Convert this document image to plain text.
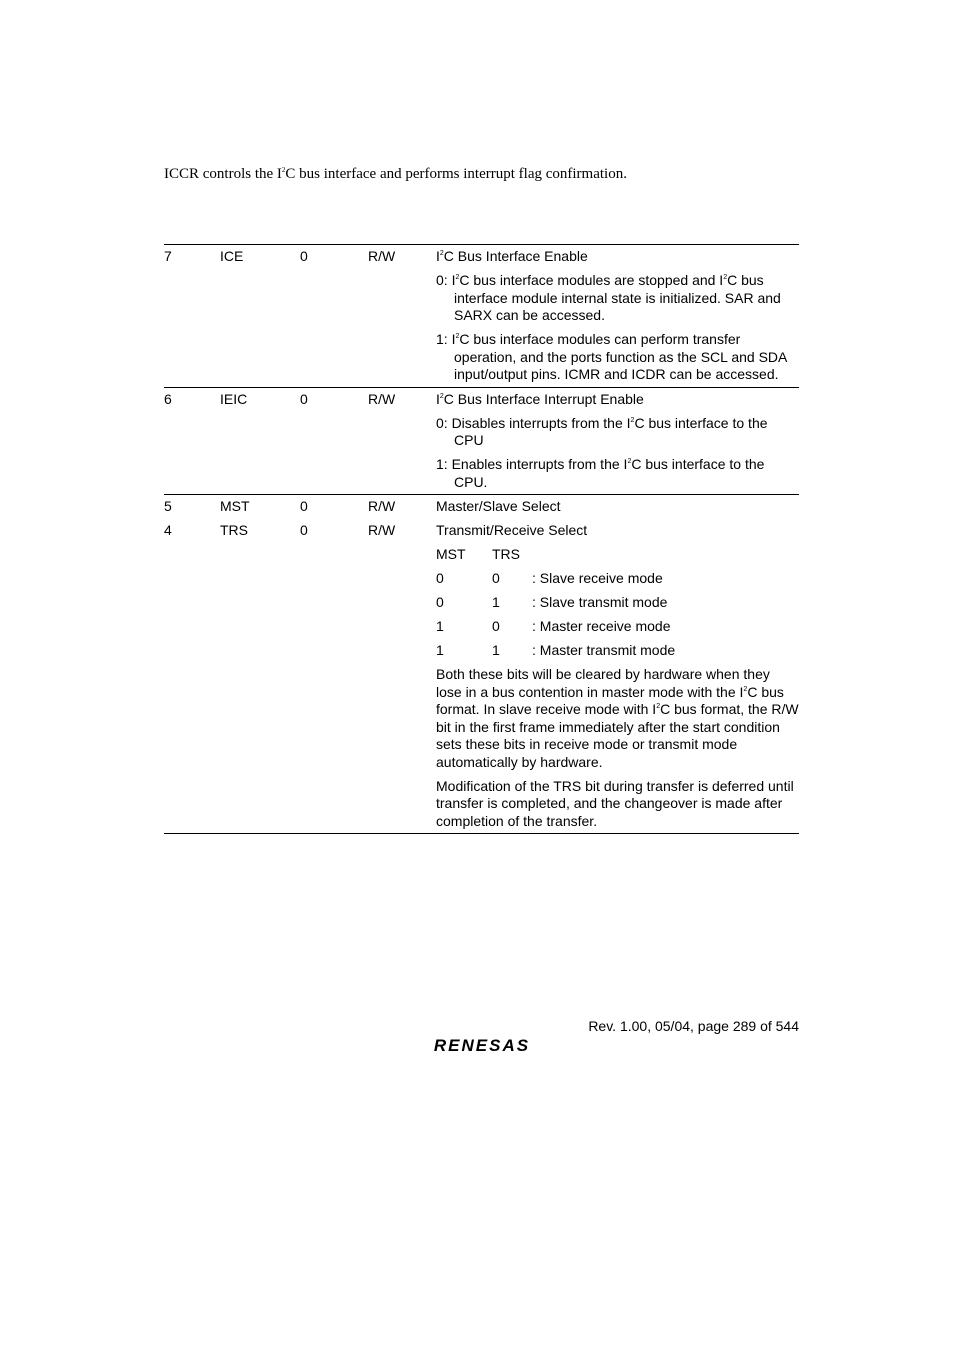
ICCR controls the $I^2C$ bus interface and performs interrupt flag confirmation.
7	ICE	0	R/W	$I^2C$ Bus Interface Enable
0: $I^2C$ bus interface modules are stopped and $I^2C$ bus interface module internal state is initialized. SAR and SARX can be accessed.
1: $I^2C$ bus interface modules can perform transfer operation, and the ports function as the SCL and SDA input/output pins. ICMR and ICDR can be accessed.
6	IEIC	0	R/W	$I^2C$ Bus Interface Interrupt Enable
0: Disables interrupts from the $I^2C$ bus interface to the CPU
1: Enables interrupts from the $I^2C$ bus interface to the CPU.
5	MST	0	R/W	Master/Slave Select
4	TRS	0	R/W	Transmit/Receive Select
MST	TRS
0	0	: Slave receive mode
0	1	: Slave transmit mode
1	0	: Master receive mode
1	1	: Master transmit mode
Both these bits will be cleared by hardware when they lose in a bus contention in master mode with the $I^2C$ bus format. In slave receive mode with $I^2C$ bus format, the R/W bit in the first frame immediately after the start condition sets these bits in receive mode or transmit mode automatically by hardware.
Modification of the TRS bit during transfer is deferred until transfer is completed, and the changeover is made after completion of the transfer.
Rev. 1.00, 05/04, page 289 of 544
RENESAS
